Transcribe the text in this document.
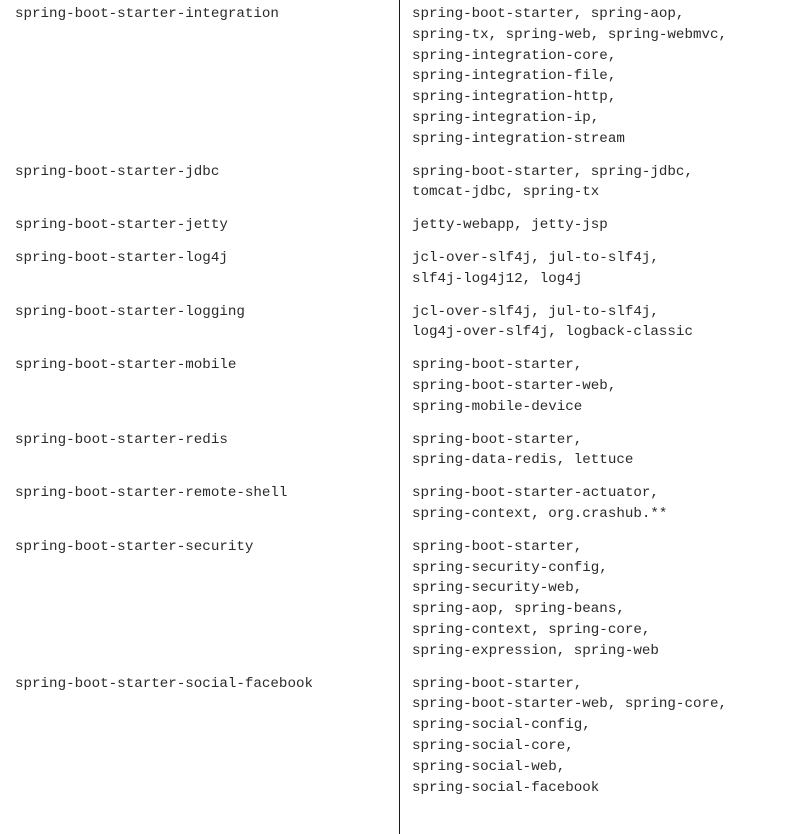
spring-boot-starter-integration	spring-boot-starter, spring-aop,
spring-tx, spring-web, spring-webmvc,
spring-integration-core,
spring-integration-file,
spring-integration-http,
spring-integration-ip,
spring-integration-stream
spring-boot-starter-jdbc	spring-boot-starter, spring-jdbc,
tomcat-jdbc, spring-tx
spring-boot-starter-jetty	jetty-webapp, jetty-jsp
spring-boot-starter-log4j	jcl-over-slf4j, jul-to-slf4j,
slf4j-log4j12, log4j
spring-boot-starter-logging	jcl-over-slf4j, jul-to-slf4j,
log4j-over-slf4j, logback-classic
spring-boot-starter-mobile	spring-boot-starter,
spring-boot-starter-web,
spring-mobile-device
spring-boot-starter-redis	spring-boot-starter,
spring-data-redis, lettuce
spring-boot-starter-remote-shell	spring-boot-starter-actuator,
spring-context, org.crashub.**
spring-boot-starter-security	spring-boot-starter,
spring-security-config,
spring-security-web,
spring-aop, spring-beans,
spring-context, spring-core,
spring-expression, spring-web
spring-boot-starter-social-facebook	spring-boot-starter,
spring-boot-starter-web, spring-core,
spring-social-config,
spring-social-core,
spring-social-web,
spring-social-facebook
